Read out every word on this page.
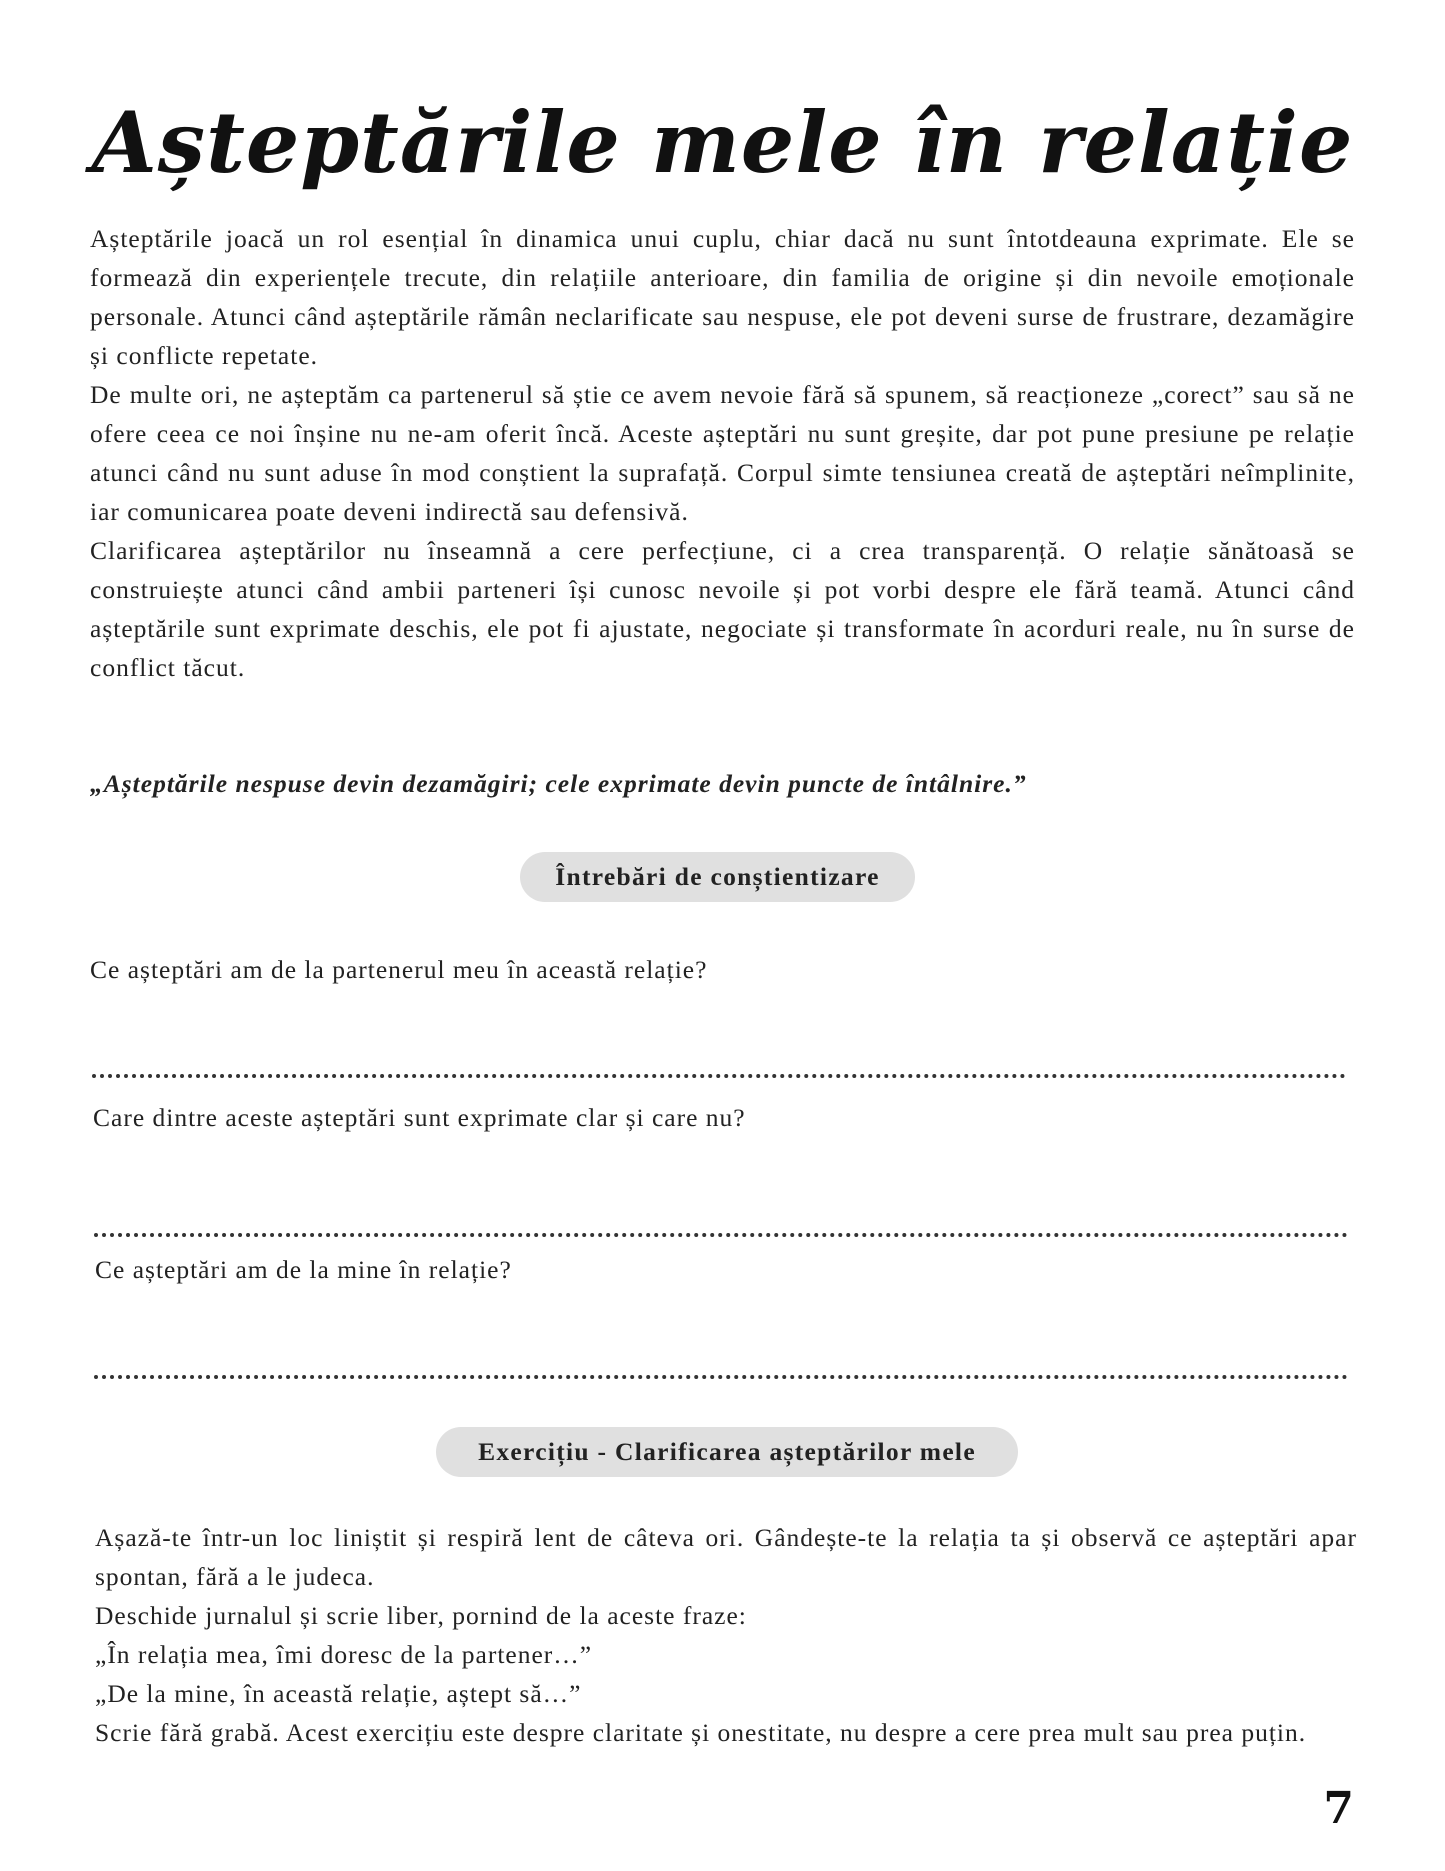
Așteptările mele în relație

Așteptările joacă un rol esențial în dinamica unui cuplu, chiar dacă nu sunt întotdeauna exprimate. Ele se formează din experiențele trecute, din relațiile anterioare, din familia de origine și din nevoile emoționale personale. Atunci când așteptările rămân neclarificate sau nespuse, ele pot deveni surse de frustrare, dezamăgire și conflicte repetate.

De multe ori, ne așteptăm ca partenerul să știe ce avem nevoie fără să spunem, să reacționeze „corect” sau să ne ofere ceea ce noi înșine nu ne-am oferit încă. Aceste așteptări nu sunt greșite, dar pot pune presiune pe relație atunci când nu sunt aduse în mod conștient la suprafață. Corpul simte tensiunea creată de așteptări neîmplinite, iar comunicarea poate deveni indirectă sau defensivă.

Clarificarea așteptărilor nu înseamnă a cere perfecțiune, ci a crea transparență. O relație sănătoasă se construiește atunci când ambii parteneri își cunosc nevoile și pot vorbi despre ele fără teamă. Atunci când așteptările sunt exprimate deschis, ele pot fi ajustate, negociate și transformate în acorduri reale, nu în surse de conflict tăcut.

„Așteptările nespuse devin dezamăgiri; cele exprimate devin puncte de întâlnire.”
Întrebări de conștientizare
Ce așteptări am de la partenerul meu în această relație?
Care dintre aceste așteptări sunt exprimate clar și care nu?
Ce așteptări am de la mine în relație?
Exercițiu - Clarificarea așteptărilor mele

Așază-te într-un loc liniștit și respiră lent de câteva ori. Gândește-te la relația ta și observă ce așteptări apar spontan, fără a le judeca.

Deschide jurnalul și scrie liber, pornind de la aceste fraze:

„În relația mea, îmi doresc de la partener…”

„De la mine, în această relație, aștept să…”

Scrie fără grabă. Acest exercițiu este despre claritate și onestitate, nu despre a cere prea mult sau prea puțin.

7
